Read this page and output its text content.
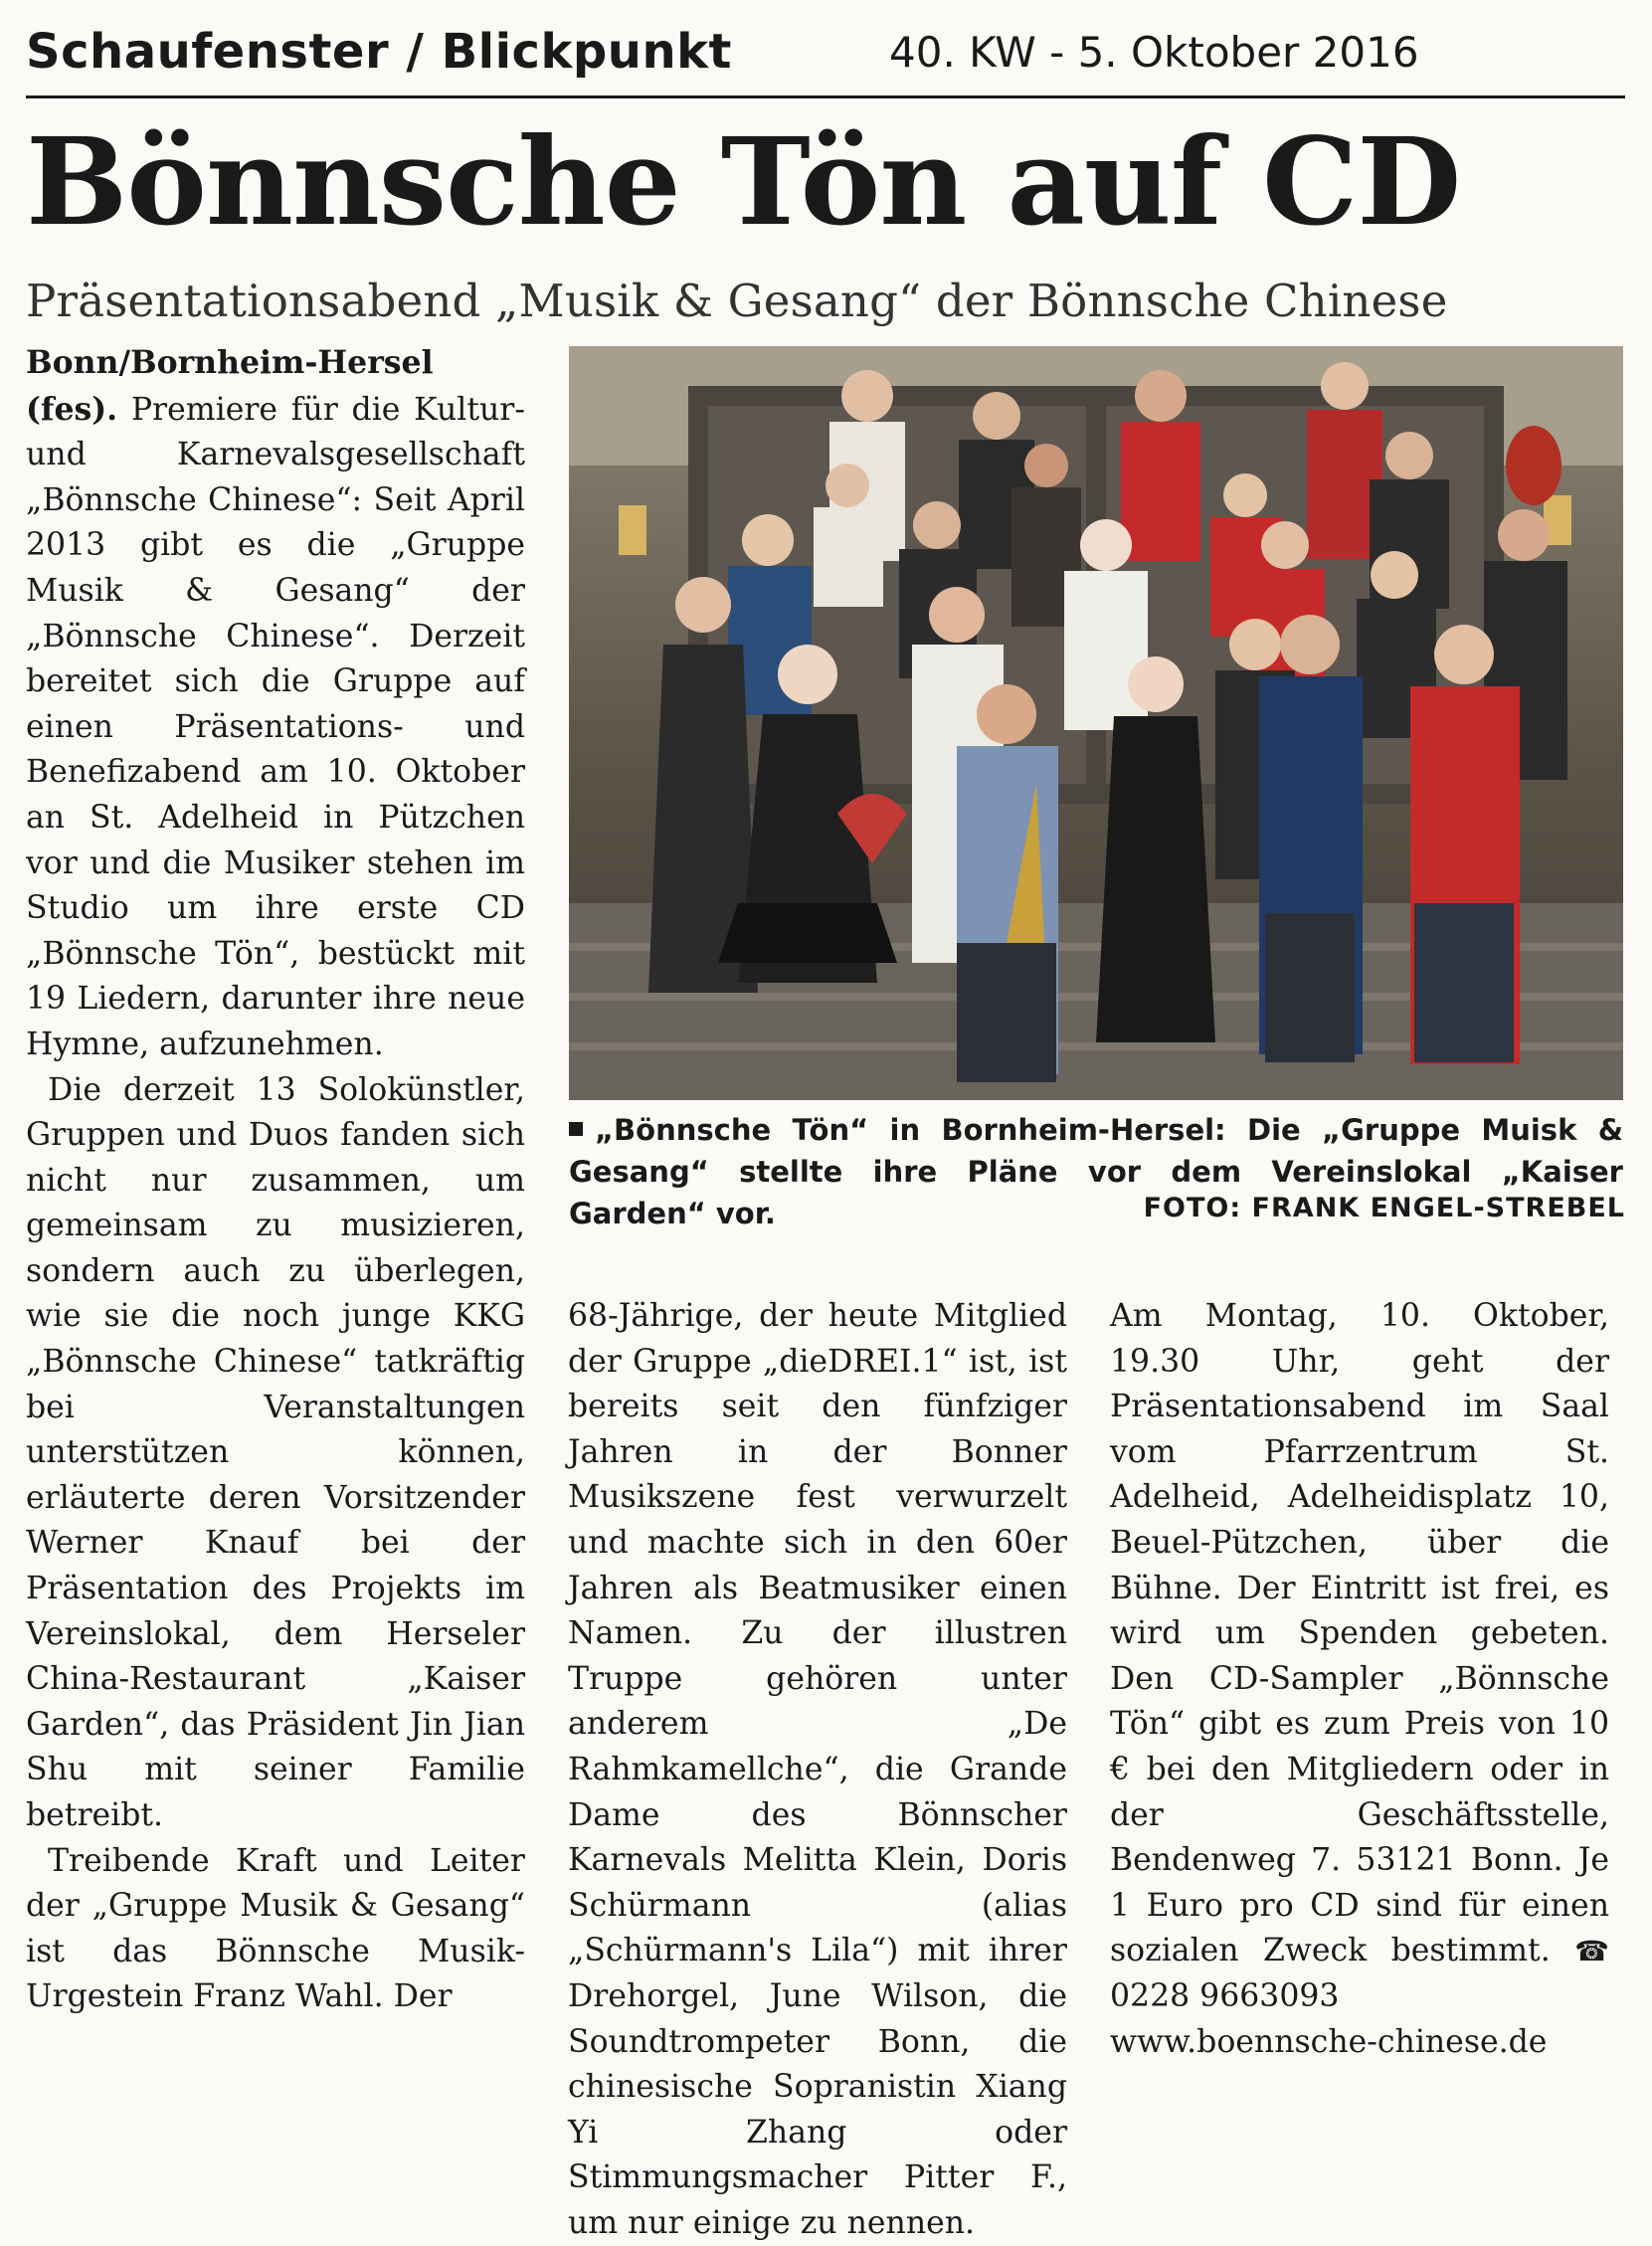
Schaufenster / Blickpunkt	40. KW - 5. Oktober 2016
Bönnsche Tön auf CD
Präsentationsabend „Musik & Gesang“ der Bönnsche Chinese

Bonn/Bornheim-Hersel (fes). Premiere für die Kultur- und Karnevalsgesellschaft „Bönnsche Chinese“: Seit April 2013 gibt es die „Gruppe Musik & Gesang“ der „Bönnsche Chinese“. Derzeit bereitet sich die Gruppe auf einen Präsentations- und Benefizabend am 10. Oktober an St. Adelheid in Pützchen vor und die Musiker stehen im Studio um ihre erste CD „Bönnsche Tön“, bestückt mit 19 Liedern, darunter ihre neue Hymne, aufzunehmen.

Die derzeit 13 Solokünstler, Gruppen und Duos fanden sich nicht nur zusammen, um gemeinsam zu musizieren, sondern auch zu überlegen, wie sie die noch junge KKG „Bönnsche Chinese“ tatkräftig bei Veranstaltungen unterstützen können, erläuterte deren Vorsitzender Werner Knauf bei der Präsentation des Projekts im Vereinslokal, dem Herseler China-Restaurant „Kaiser Garden“, das Präsident Jin Jian Shu mit seiner Familie betreibt.

Treibende Kraft und Leiter der „Gruppe Musik & Gesang“ ist das Bönnsche Musik-Urgestein Franz Wahl. Der

68-Jährige, der heute Mitglied der Gruppe „dieDREI.1“ ist, ist bereits seit den fünfziger Jahren in der Bonner Musikszene fest verwurzelt und machte sich in den 60er Jahren als Beatmusiker einen Namen. Zu der illustren Truppe gehören unter anderem „De Rahmkamellche“, die Grande Dame des Bönnscher Karnevals Melitta Klein, Doris Schürmann (alias „Schürmann's Lila“) mit ihrer Drehorgel, June Wilson, die Soundtrompeter Bonn, die chinesische Sopranistin Xiang Yi Zhang oder Stimmungsmacher Pitter F., um nur einige zu nennen.

Am Montag, 10. Oktober, 19.30 Uhr, geht der Präsentationsabend im Saal vom Pfarrzentrum St. Adelheid, Adelheidisplatz 10, Beuel-Pützchen, über die Bühne. Der Eintritt ist frei, es wird um Spenden gebeten. Den CD-Sampler „Bönnsche Tön“ gibt es zum Preis von 10 € bei den Mitgliedern oder in der Geschäftsstelle, Bendenweg 7. 53121 Bonn. Je 1 Euro pro CD sind für einen sozialen Zweck bestimmt. ☎ 0228 9663093

www.boennsche-chinese.de

„Bönnsche Tön“ in Bornheim-Hersel: Die „Gruppe Muisk & Gesang“ stellte ihre Pläne vor dem Vereinslokal „Kaiser Garden“ vor.	FOTO: FRANK ENGEL-STREBEL
